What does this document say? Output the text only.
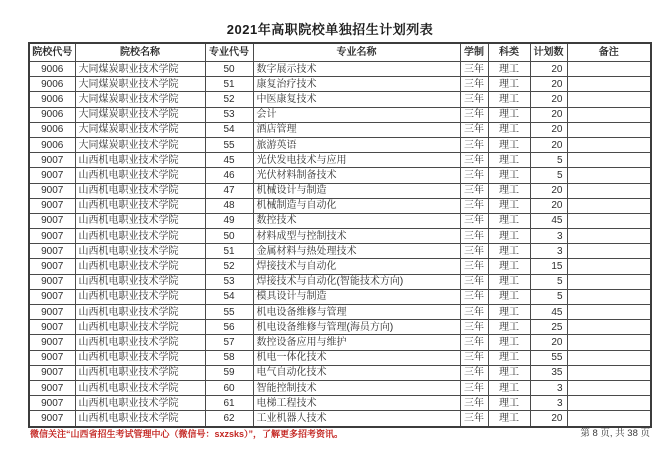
2021年高职院校单独招生计划列表
院校代号	院校名称	专业代号	专业名称	学制	科类	计划数	备注
9006	大同煤炭职业技术学院	50	数字展示技术	三年	理工	20	
9006	大同煤炭职业技术学院	51	康复治疗技术	三年	理工	20	
9006	大同煤炭职业技术学院	52	中医康复技术	三年	理工	20	
9006	大同煤炭职业技术学院	53	会计	三年	理工	20	
9006	大同煤炭职业技术学院	54	酒店管理	三年	理工	20	
9006	大同煤炭职业技术学院	55	旅游英语	三年	理工	20	
9007	山西机电职业技术学院	45	光伏发电技术与应用	三年	理工	5	
9007	山西机电职业技术学院	46	光伏材料制备技术	三年	理工	5	
9007	山西机电职业技术学院	47	机械设计与制造	三年	理工	20	
9007	山西机电职业技术学院	48	机械制造与自动化	三年	理工	20	
9007	山西机电职业技术学院	49	数控技术	三年	理工	45	
9007	山西机电职业技术学院	50	材料成型与控制技术	三年	理工	3	
9007	山西机电职业技术学院	51	金属材料与热处理技术	三年	理工	3	
9007	山西机电职业技术学院	52	焊接技术与自动化	三年	理工	15	
9007	山西机电职业技术学院	53	焊接技术与自动化(智能技术方向)	三年	理工	5	
9007	山西机电职业技术学院	54	模具设计与制造	三年	理工	5	
9007	山西机电职业技术学院	55	机电设备维修与管理	三年	理工	45	
9007	山西机电职业技术学院	56	机电设备维修与管理(海员方向)	三年	理工	25	
9007	山西机电职业技术学院	57	数控设备应用与维护	三年	理工	20	
9007	山西机电职业技术学院	58	机电一体化技术	三年	理工	55	
9007	山西机电职业技术学院	59	电气自动化技术	三年	理工	35	
9007	山西机电职业技术学院	60	智能控制技术	三年	理工	3	
9007	山西机电职业技术学院	61	电梯工程技术	三年	理工	3	
9007	山西机电职业技术学院	62	工业机器人技术	三年	理工	20	
微信关注“山西省招生考试管理中心（微信号：sxzsks）”，了解更多招考资讯。	第 8 页, 共 38 页
